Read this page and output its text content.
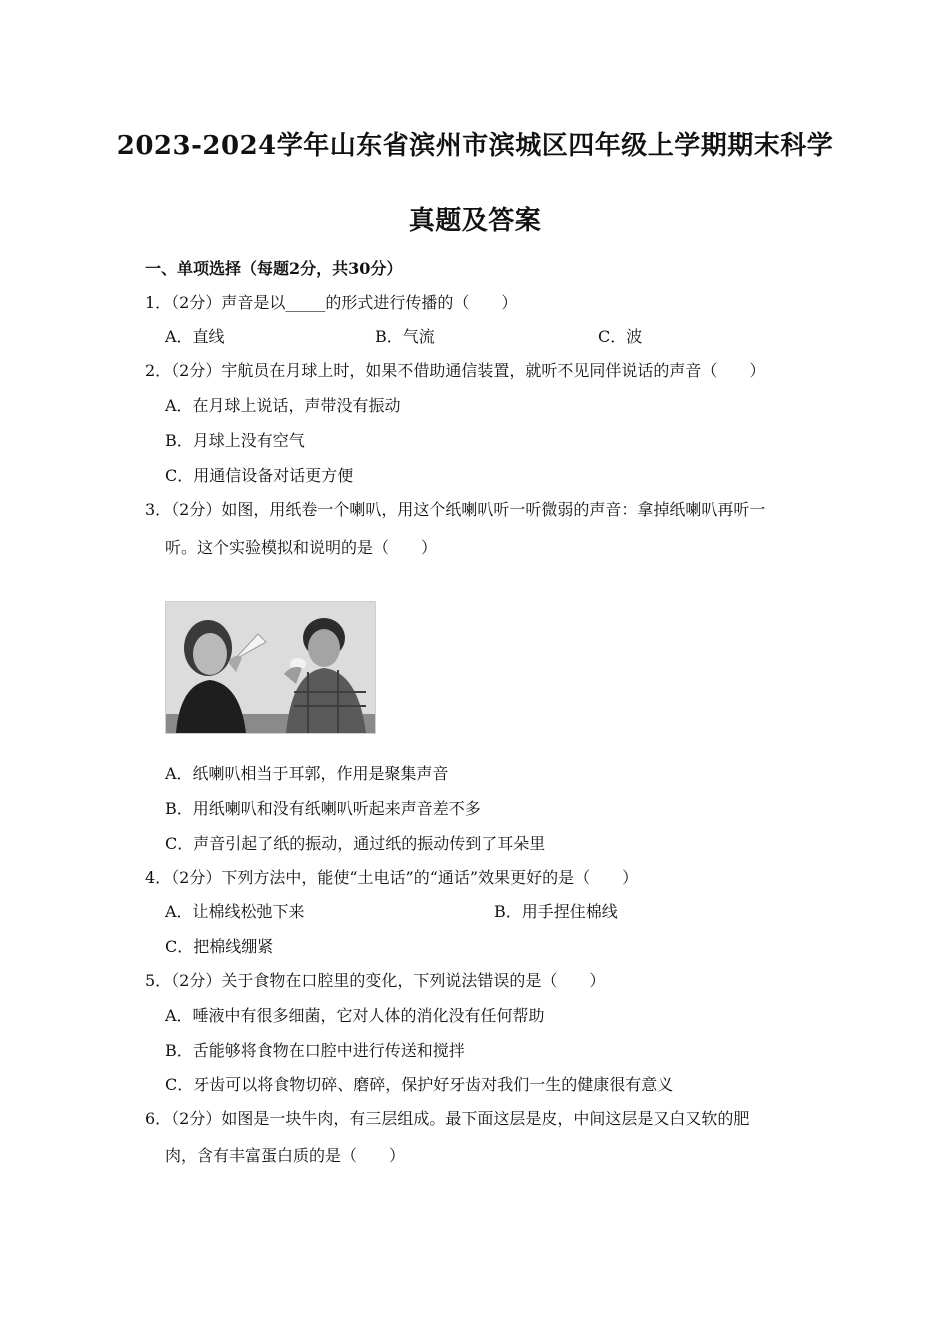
2023-2024学年山东省滨州市滨城区四年级上学期期末科学
真题及答案
一、单项选择（每题2分，共30分）
1．（2分）声音是以_____的形式进行传播的（　　）
A．直线	B．气流	C．波
2．（2分）宇航员在月球上时，如果不借助通信装置，就听不见同伴说话的声音（　　）
A．在月球上说话，声带没有振动
B．月球上没有空气
C．用通信设备对话更方便
3．（2分）如图，用纸卷一个喇叭，用这个纸喇叭听一听微弱的声音：拿掉纸喇叭再听一
听。这个实验模拟和说明的是（　　）
A．纸喇叭相当于耳郭，作用是聚集声音
B．用纸喇叭和没有纸喇叭听起来声音差不多
C．声音引起了纸的振动，通过纸的振动传到了耳朵里
4．（2分）下列方法中，能使“土电话”的“通话”效果更好的是（　　）
A．让棉线松弛下来	B．用手捏住棉线
C．把棉线绷紧
5．（2分）关于食物在口腔里的变化，下列说法错误的是（　　）
A．唾液中有很多细菌，它对人体的消化没有任何帮助
B．舌能够将食物在口腔中进行传送和搅拌
C．牙齿可以将食物切碎、磨碎，保护好牙齿对我们一生的健康很有意义
6．（2分）如图是一块牛肉，有三层组成。最下面这层是皮，中间这层是又白又软的肥
肉，含有丰富蛋白质的是（　　）
